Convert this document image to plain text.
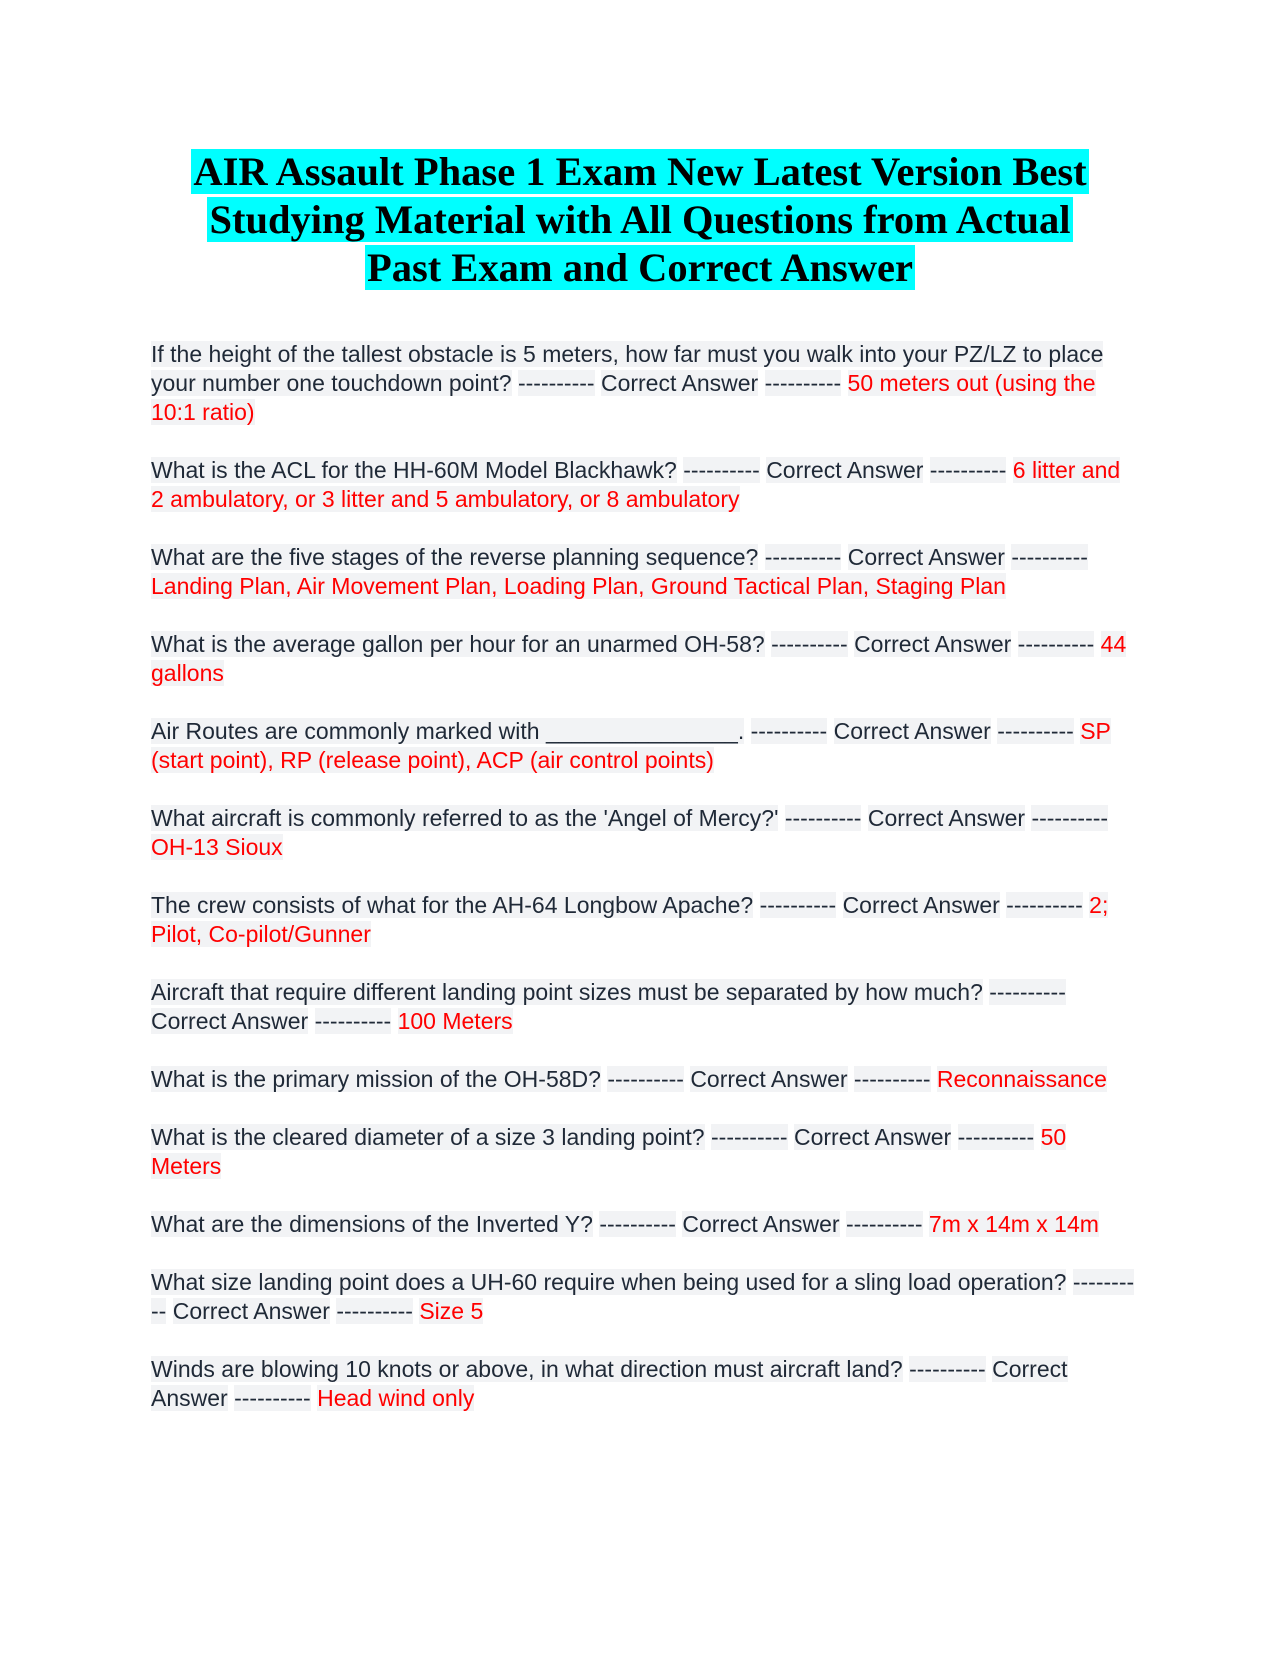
AIR Assault Phase 1 Exam New Latest Version Best
Studying Material with All Questions from Actual
Past Exam and Correct Answer

If the height of the tallest obstacle is 5 meters, how far must you walk into your PZ/LZ to place your number one touchdown point? ---------- Correct Answer ---------- 50 meters out (using the 10:1 ratio)

What is the ACL for the HH-60M Model Blackhawk? ---------- Correct Answer ---------- 6 litter and 2 ambulatory, or 3 litter and 5 ambulatory, or 8 ambulatory

What are the five stages of the reverse planning sequence? ---------- Correct Answer ---------- Landing Plan, Air Movement Plan, Loading Plan, Ground Tactical Plan, Staging Plan

What is the average gallon per hour for an unarmed OH-58? ---------- Correct Answer ---------- 44 gallons

Air Routes are commonly marked with _______________. ---------- Correct Answer ---------- SP (start point), RP (release point), ACP (air control points)

What aircraft is commonly referred to as the 'Angel of Mercy?' ---------- Correct Answer ---------- OH-13 Sioux

The crew consists of what for the AH-64 Longbow Apache? ---------- Correct Answer ---------- 2; Pilot, Co-pilot/Gunner

Aircraft that require different landing point sizes must be separated by how much? ---------- Correct Answer ---------- 100 Meters

What is the primary mission of the OH-58D? ---------- Correct Answer ---------- Reconnaissance

What is the cleared diameter of a size 3 landing point? ---------- Correct Answer ---------- 50 Meters

What are the dimensions of the Inverted Y? ---------- Correct Answer ---------- 7m x 14m x 14m

What size landing point does a UH-60 require when being used for a sling load operation? ---------- Correct Answer ---------- Size 5

Winds are blowing 10 knots or above, in what direction must aircraft land? ---------- Correct Answer ---------- Head wind only
